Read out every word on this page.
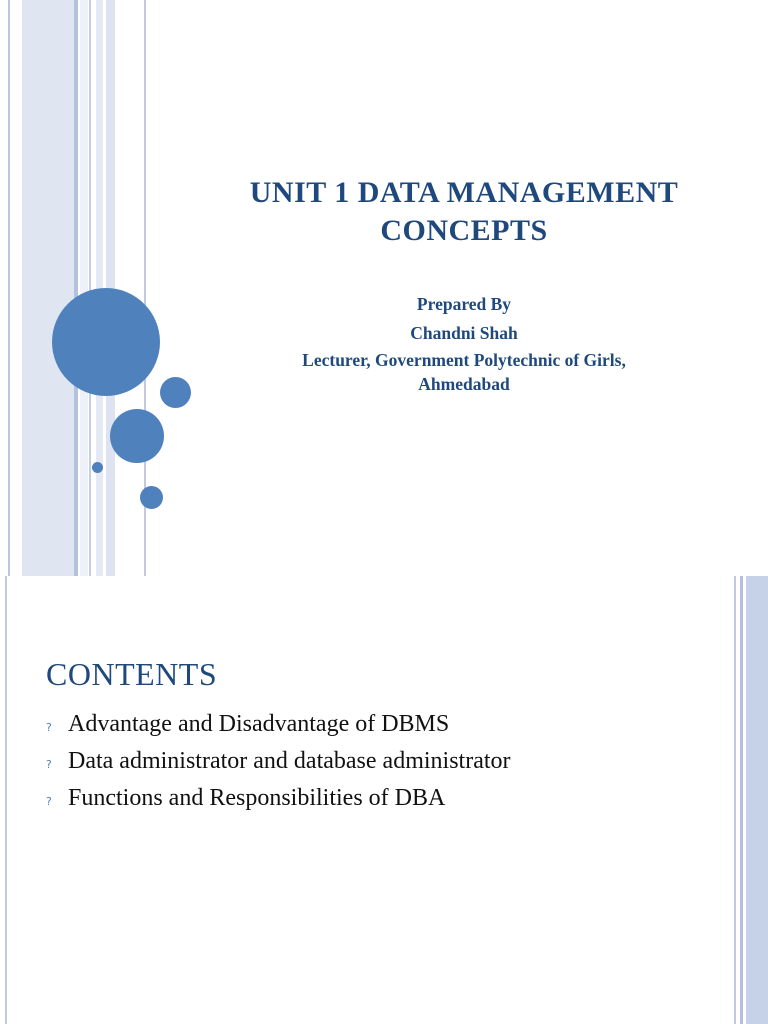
UNIT 1 DATA MANAGEMENT
CONCEPTS
Prepared By
Chandni Shah
Lecturer, Government Polytechnic of Girls,
Ahmedabad
CONTENTS
? Advantage and Disadvantage of DBMS
? Data administrator and database administrator
? Functions and Responsibilities of DBA
